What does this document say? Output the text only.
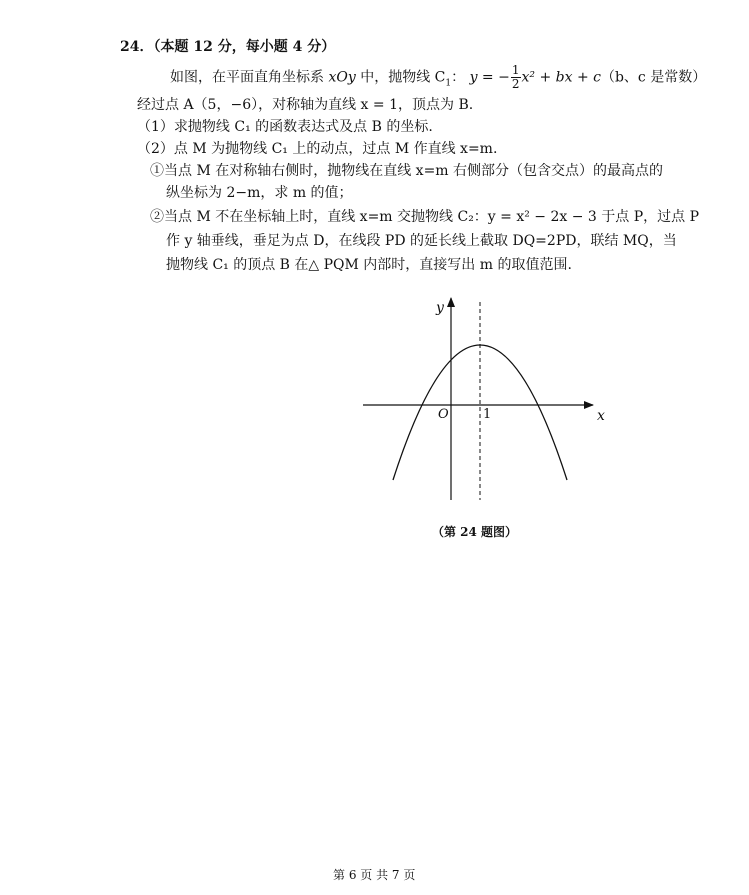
24．（本题 12 分，每小题 4 分）
如图，在平面直角坐标系 xOy 中，抛物线 $C_1$： y = − $\frac{1}{2} x^2$ + bx + c（b、c 是常数）
经过点 A（5，−6），对称轴为直线 x = 1，顶点为 B.
（1）求抛物线 C₁ 的函数表达式及点 B 的坐标.
（2）点 M 为抛物线 C₁ 上的动点，过点 M 作直线 x=m.
①当点 M 在对称轴右侧时，抛物线在直线 x=m 右侧部分（包含交点）的最高点的
纵坐标为 2−m，求 m 的值；
②当点 M 不在坐标轴上时，直线 x=m 交抛物线 C₂：y = x² − 2x − 3 于点 P，过点 P
作 y 轴垂线，垂足为点 D，在线段 PD 的延长线上截取 DQ=2PD，联结 MQ，当
抛物线 C₁ 的顶点 B 在△ PQM 内部时，直接写出 m 的取值范围.
y
x
O	1
（第 24 题图）
第 6 页 共 7 页
